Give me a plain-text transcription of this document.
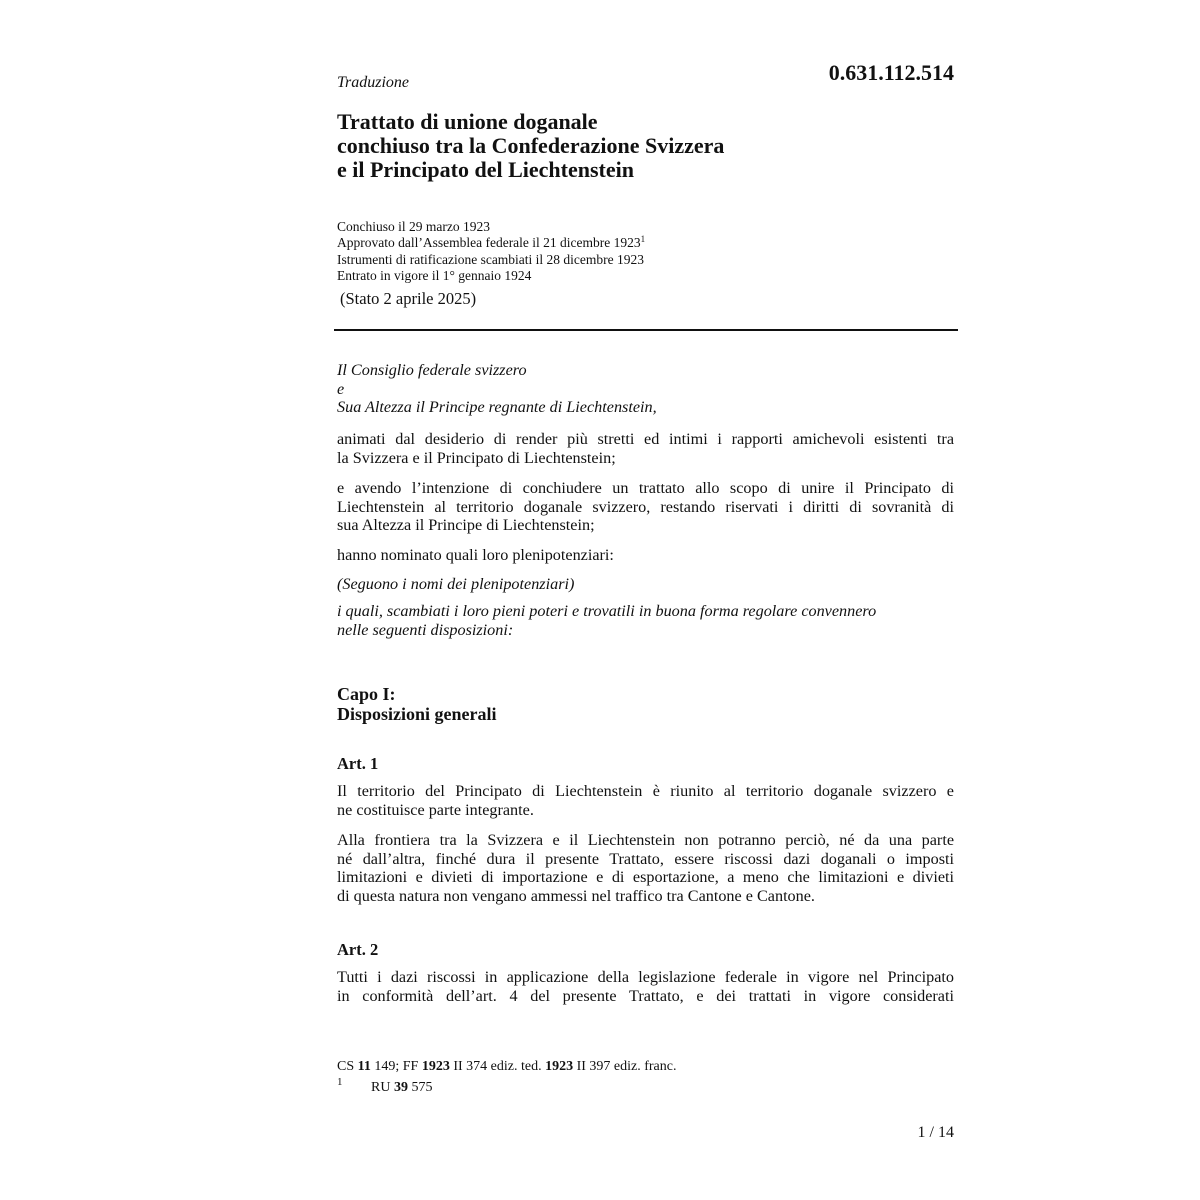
Traduzione	0.631.112.514
Trattato di unione doganale
conchiuso tra la Confederazione Svizzera
e il Principato del Liechtenstein
Conchiuso il 29 marzo 1923
Approvato dall’Assemblea federale il 21 dicembre 1923$^1$
Istrumenti di ratificazione scambiati il 28 dicembre 1923
Entrato in vigore il 1° gennaio 1924
(Stato 2 aprile 2025)
Il Consiglio federale svizzero
e
Sua Altezza il Principe regnante di Liechtenstein,
animati dal desiderio di render più stretti ed intimi i rapporti amichevoli esistenti tra
la Svizzera e il Principato di Liechtenstein;
e avendo l’intenzione di conchiudere un trattato allo scopo di unire il Principato di
Liechtenstein al territorio doganale svizzero, restando riservati i diritti di sovranità di
sua Altezza il Principe di Liechtenstein;
hanno nominato quali loro plenipotenziari:
(Seguono i nomi dei plenipotenziari)
i quali, scambiati i loro pieni poteri e trovatili in buona forma regolare convennero
nelle seguenti disposizioni:
Capo I:
Disposizioni generali
Art. 1
Il territorio del Principato di Liechtenstein è riunito al territorio doganale svizzero e
ne costituisce parte integrante.
Alla frontiera tra la Svizzera e il Liechtenstein non potranno perciò, né da una parte
né dall’altra, finché dura il presente Trattato, essere riscossi dazi doganali o imposti
limitazioni e divieti di importazione e di esportazione, a meno che limitazioni e divieti
di questa natura non vengano ammessi nel traffico tra Cantone e Cantone.
Art. 2
Tutti i dazi riscossi in applicazione della legislazione federale in vigore nel Principato
in conformità dell’art. 4 del presente Trattato, e dei trattati in vigore considerati
CS 11 149; FF 1923 II 374 ediz. ted. 1923 II 397 ediz. franc.
1 RU 39 575
1 / 14
